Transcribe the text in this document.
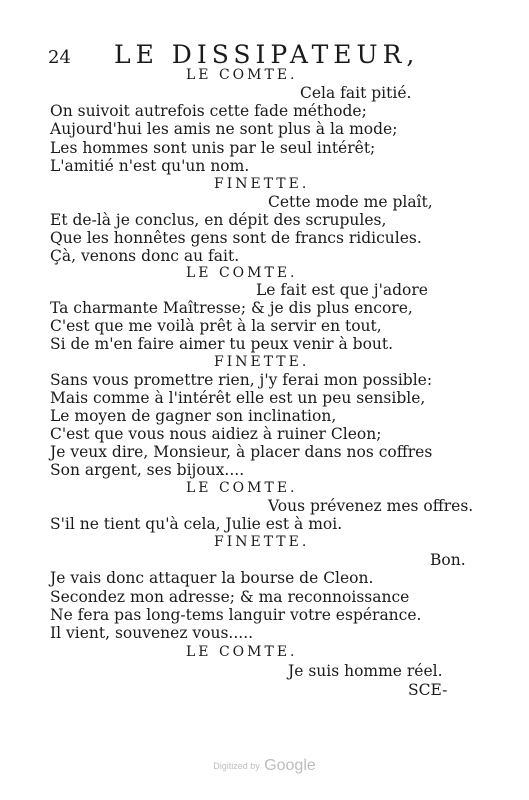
24 LE DISSIPATEUR,
LE COMTE.
Cela fait pitié.
On suivoit autrefois cette fade méthode;
Aujourd'hui les amis ne sont plus à la mode;
Les hommes sont unis par le seul intérêt;
L'amitié n'est qu'un nom.
FINETTE.
Cette mode me plaît,
Et de-là je conclus, en dépit des scrupules,
Que les honnêtes gens sont de francs ridicules.
Çà, venons donc au fait.
LE COMTE.
Le fait est que j'adore
Ta charmante Maîtresse; & je dis plus encore,
C'est que me voilà prêt à la servir en tout,
Si de m'en faire aimer tu peux venir à bout.
FINETTE.
Sans vous promettre rien, j'y ferai mon possible:
Mais comme à l'intérêt elle est un peu sensible,
Le moyen de gagner son inclination,
C'est que vous nous aidiez à ruiner Cleon;
Je veux dire, Monsieur, à placer dans nos coffres
Son argent, ses bijoux....
LE COMTE.
Vous prévenez mes offres.
S'il ne tient qu'à cela, Julie est à moi.
FINETTE.
Bon.
Je vais donc attaquer la bourse de Cleon.
Secondez mon adresse; & ma reconnoissance
Ne fera pas long-tems languir votre espérance.
Il vient, souvenez vous.....
LE COMTE.
Je suis homme réel.
SCE-
Digitized by Google
